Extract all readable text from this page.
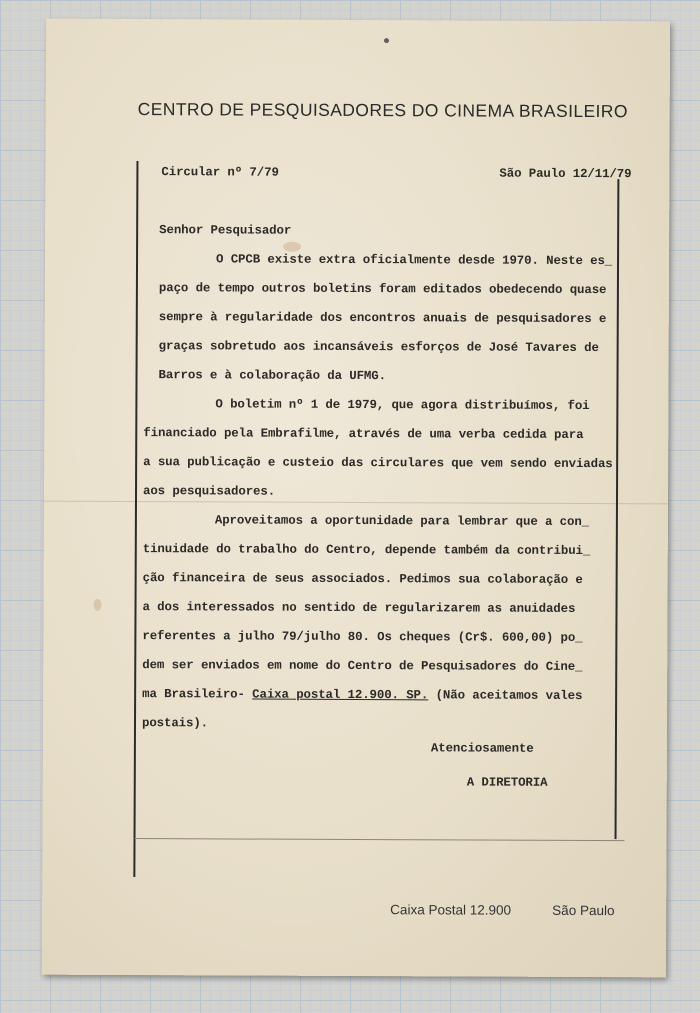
CENTRO DE PESQUISADORES DO CINEMA BRASILEIRO
Circular nº 7/79	São Paulo 12/11/79
Senhor Pesquisador
O CPCB existe extra oficialmente desde 1970. Neste es_
paço de tempo outros boletins foram editados obedecendo quase
sempre à regularidade dos encontros anuais de pesquisadores e
graças sobretudo aos incansáveis esforços de José Tavares de
Barros e à colaboração da UFMG.
O boletim nº 1 de 1979, que agora distribuímos, foi
financiado pela Embrafilme, através de uma verba cedida para
a sua publicação e custeio das circulares que vem sendo enviadas
aos pesquisadores.
Aproveitamos a oportunidade para lembrar que a con_
tinuidade do trabalho do Centro, depende também da contribui_
ção financeira de seus associados. Pedimos sua colaboração e
a dos interessados no sentido de regularizarem as anuidades
referentes a julho 79/julho 80. Os cheques (Cr$. 600,00) po_
dem ser enviados em nome do Centro de Pesquisadores do Cine_
ma Brasileiro- Caixa postal 12.900. SP. (Não aceitamos vales
postais).
Atenciosamente
A DIRETORIA
Caixa Postal 12.900	São Paulo
